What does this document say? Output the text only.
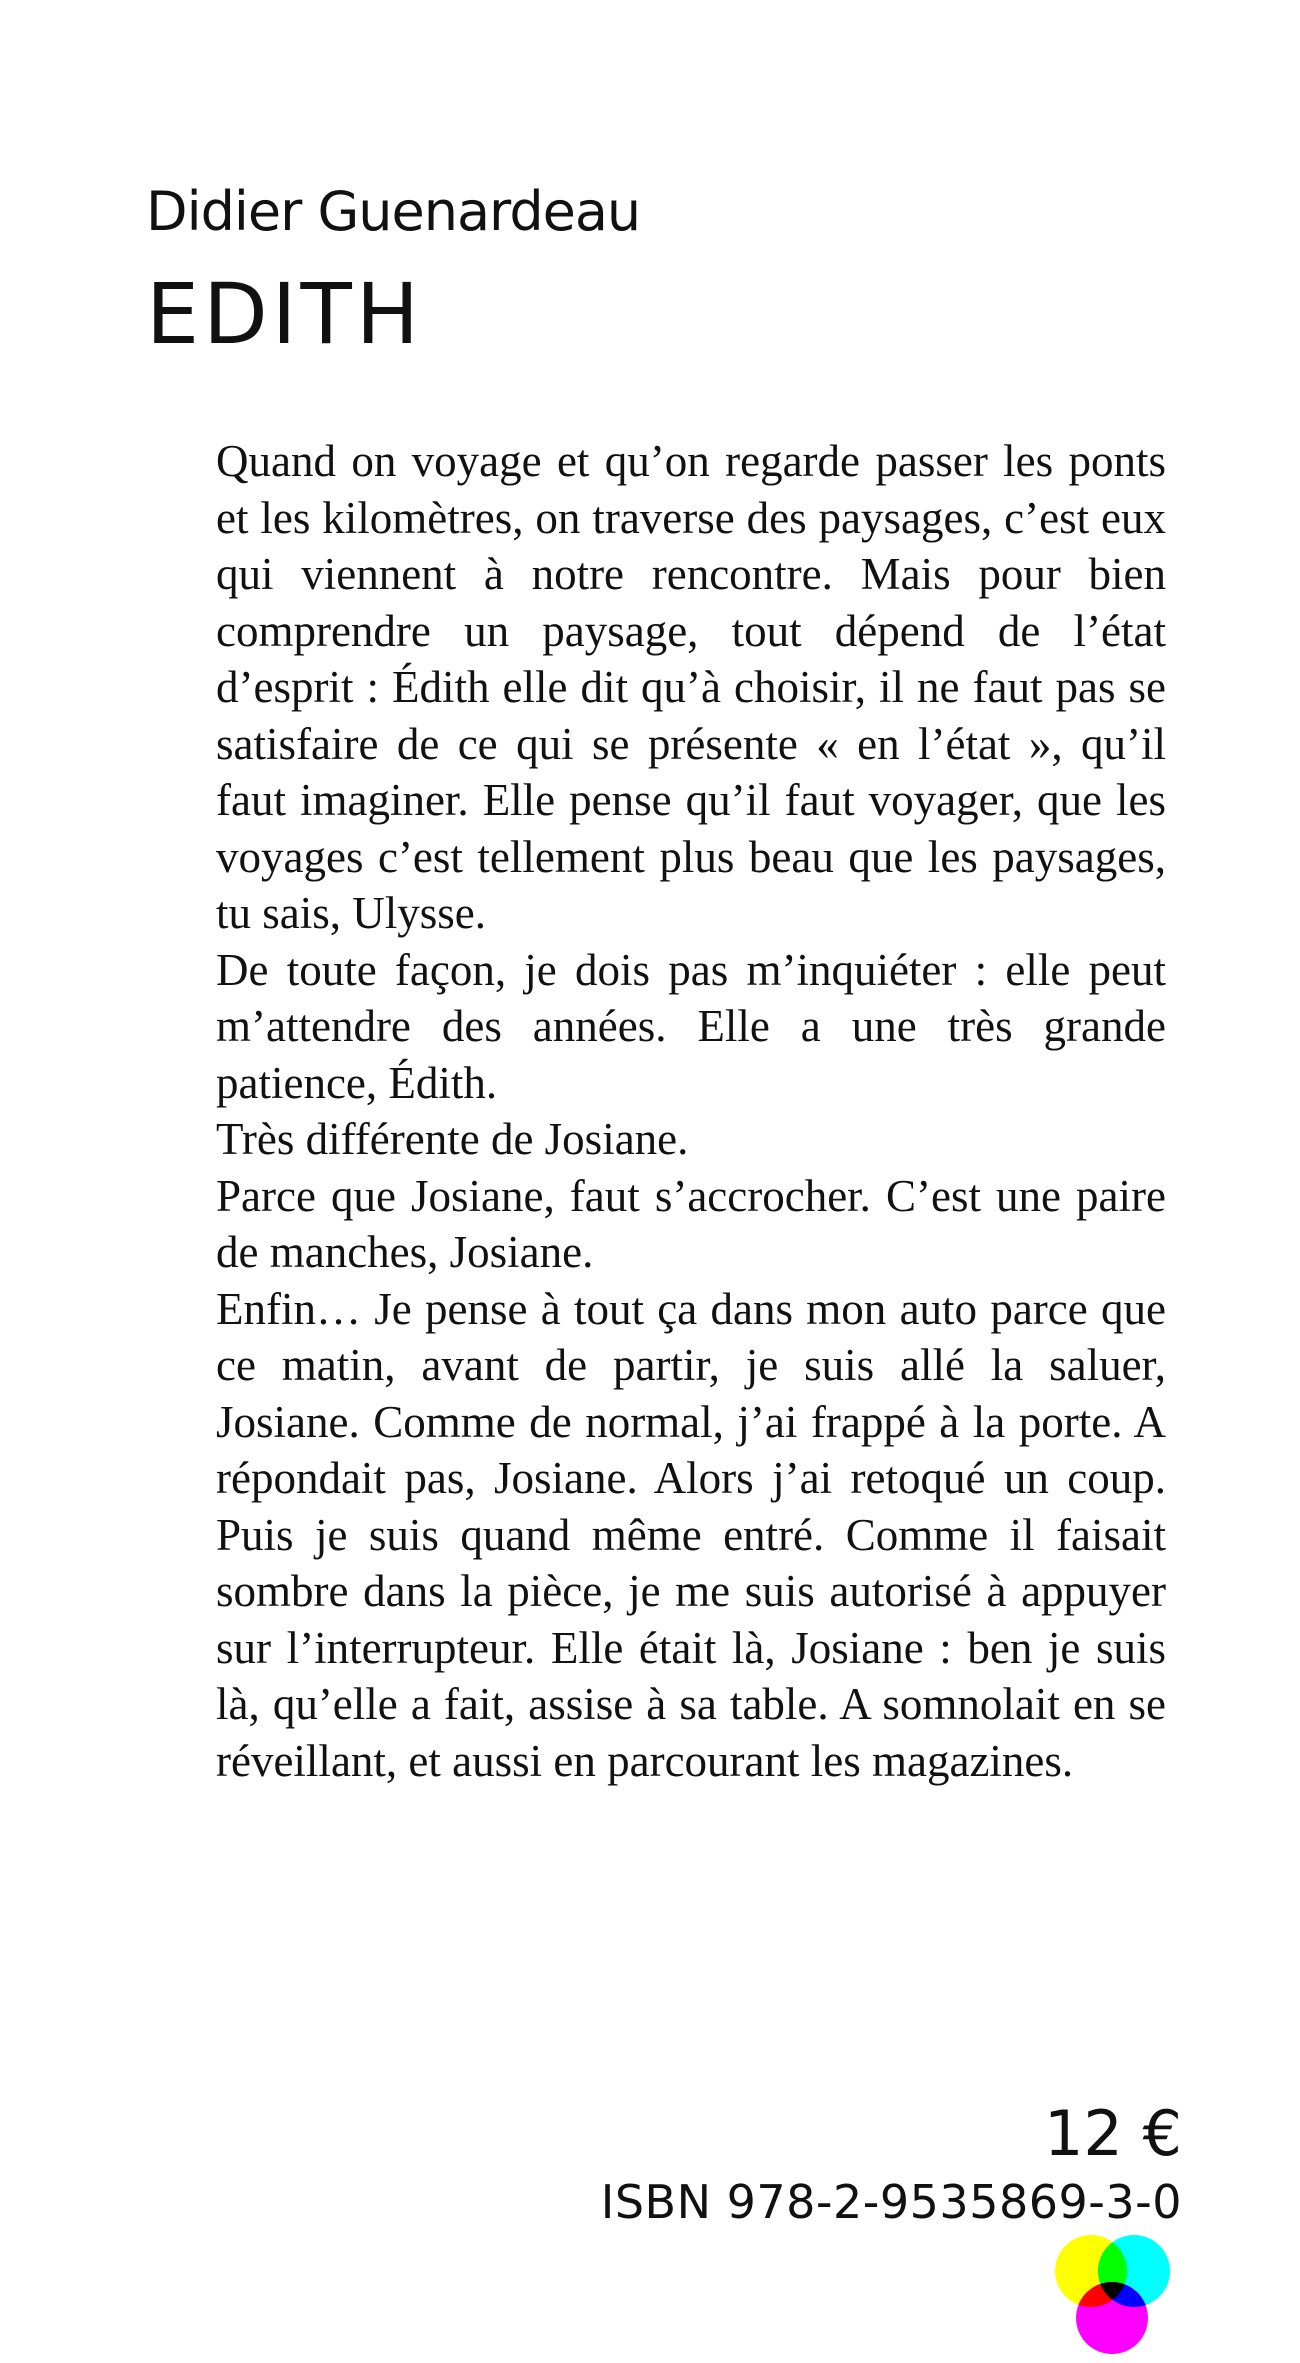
Didier Guenardeau
EDITH

Quand on voyage et qu’on regarde passer les ponts et les kilomètres, on traverse des paysages, c’est eux qui viennent à notre rencontre. Mais pour bien comprendre un paysage, tout dépend de l’état d’esprit : Édith elle dit qu’à choisir, il ne faut pas se satisfaire de ce qui se présente « en l’état », qu’il faut imaginer. Elle pense qu’il faut voyager, que les voyages c’est tellement plus beau que les paysages, tu sais, Ulysse.

De toute façon, je dois pas m’inquiéter : elle peut m’attendre des années. Elle a une très grande patience, Édith.

Très différente de Josiane.

Parce que Josiane, faut s’accrocher. C’est une paire de manches, Josiane.

Enfin… Je pense à tout ça dans mon auto parce que ce matin, avant de partir, je suis allé la saluer, Josiane. Comme de normal, j’ai frappé à la porte. A répondait pas, Josiane. Alors j’ai retoqué un coup. Puis je suis quand même entré. Comme il faisait sombre dans la pièce, je me suis autorisé à appuyer sur l’interrupteur. Elle était là, Josiane : ben je suis là, qu’elle a fait, assise à sa table. A somnolait en se réveillant, et aussi en parcourant les magazines.

12 €
ISBN 978-2-9535869-3-0
